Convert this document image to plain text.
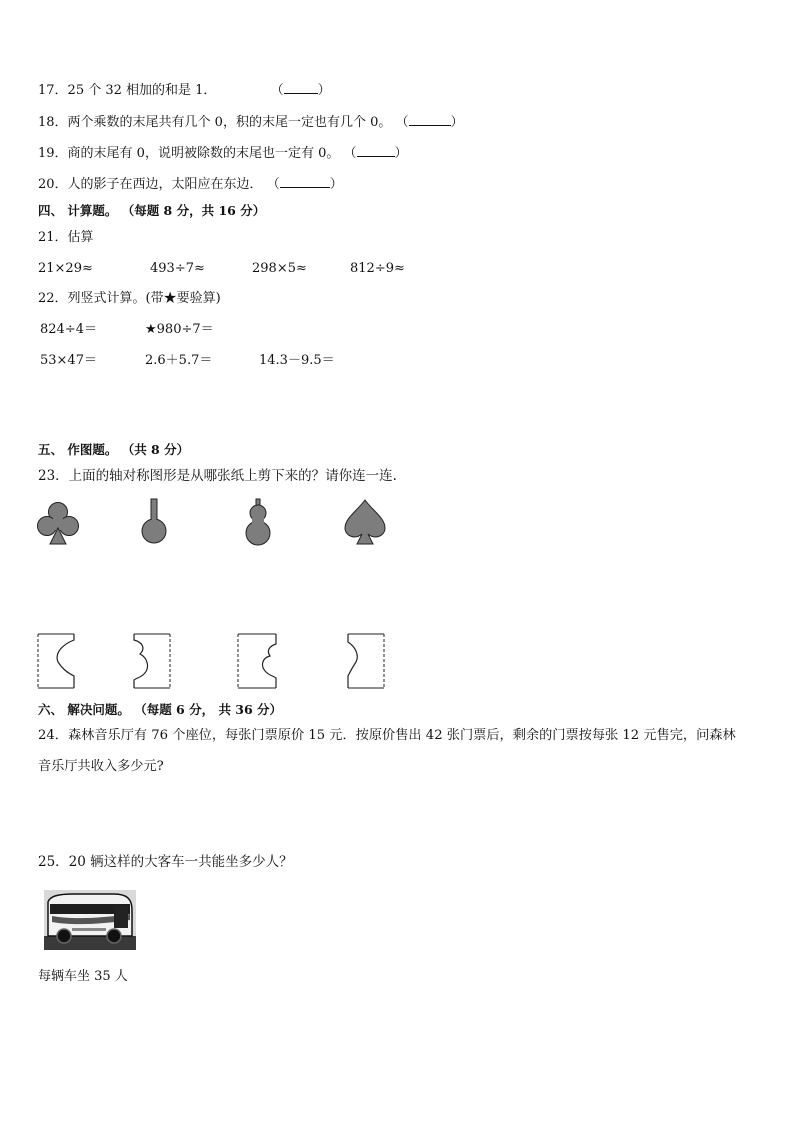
17．25 个 32 相加的和是 1．	（	）
18．两个乘数的末尾共有几个 0，积的末尾一定也有几个 0。 （	）
19．商的末尾有 0，说明被除数的末尾也一定有 0。 （	）
20．人的影子在西边，太阳应在东边． （	）
四、 计算题。 （每题 8 分，共 16 分）
21．估算
21×29≈	493÷7≈	298×5≈	812÷9≈
22．列竖式计算。(带★要验算)
824÷4＝	★980÷7＝
53×47＝	2.6＋5.7＝	14.3－9.5＝
五、 作图题。 （共 8 分）
23．上面的轴对称图形是从哪张纸上剪下来的？请你连一连.
六、 解决问题。 （每题 6 分， 共 36 分）
24．森林音乐厅有 76 个座位，每张门票原价 15 元．按原价售出 42 张门票后，剩余的门票按每张 12 元售完，问森林
音乐厅共收入多少元?
25．20 辆这样的大客车一共能坐多少人？
每辆车坐 35 人
